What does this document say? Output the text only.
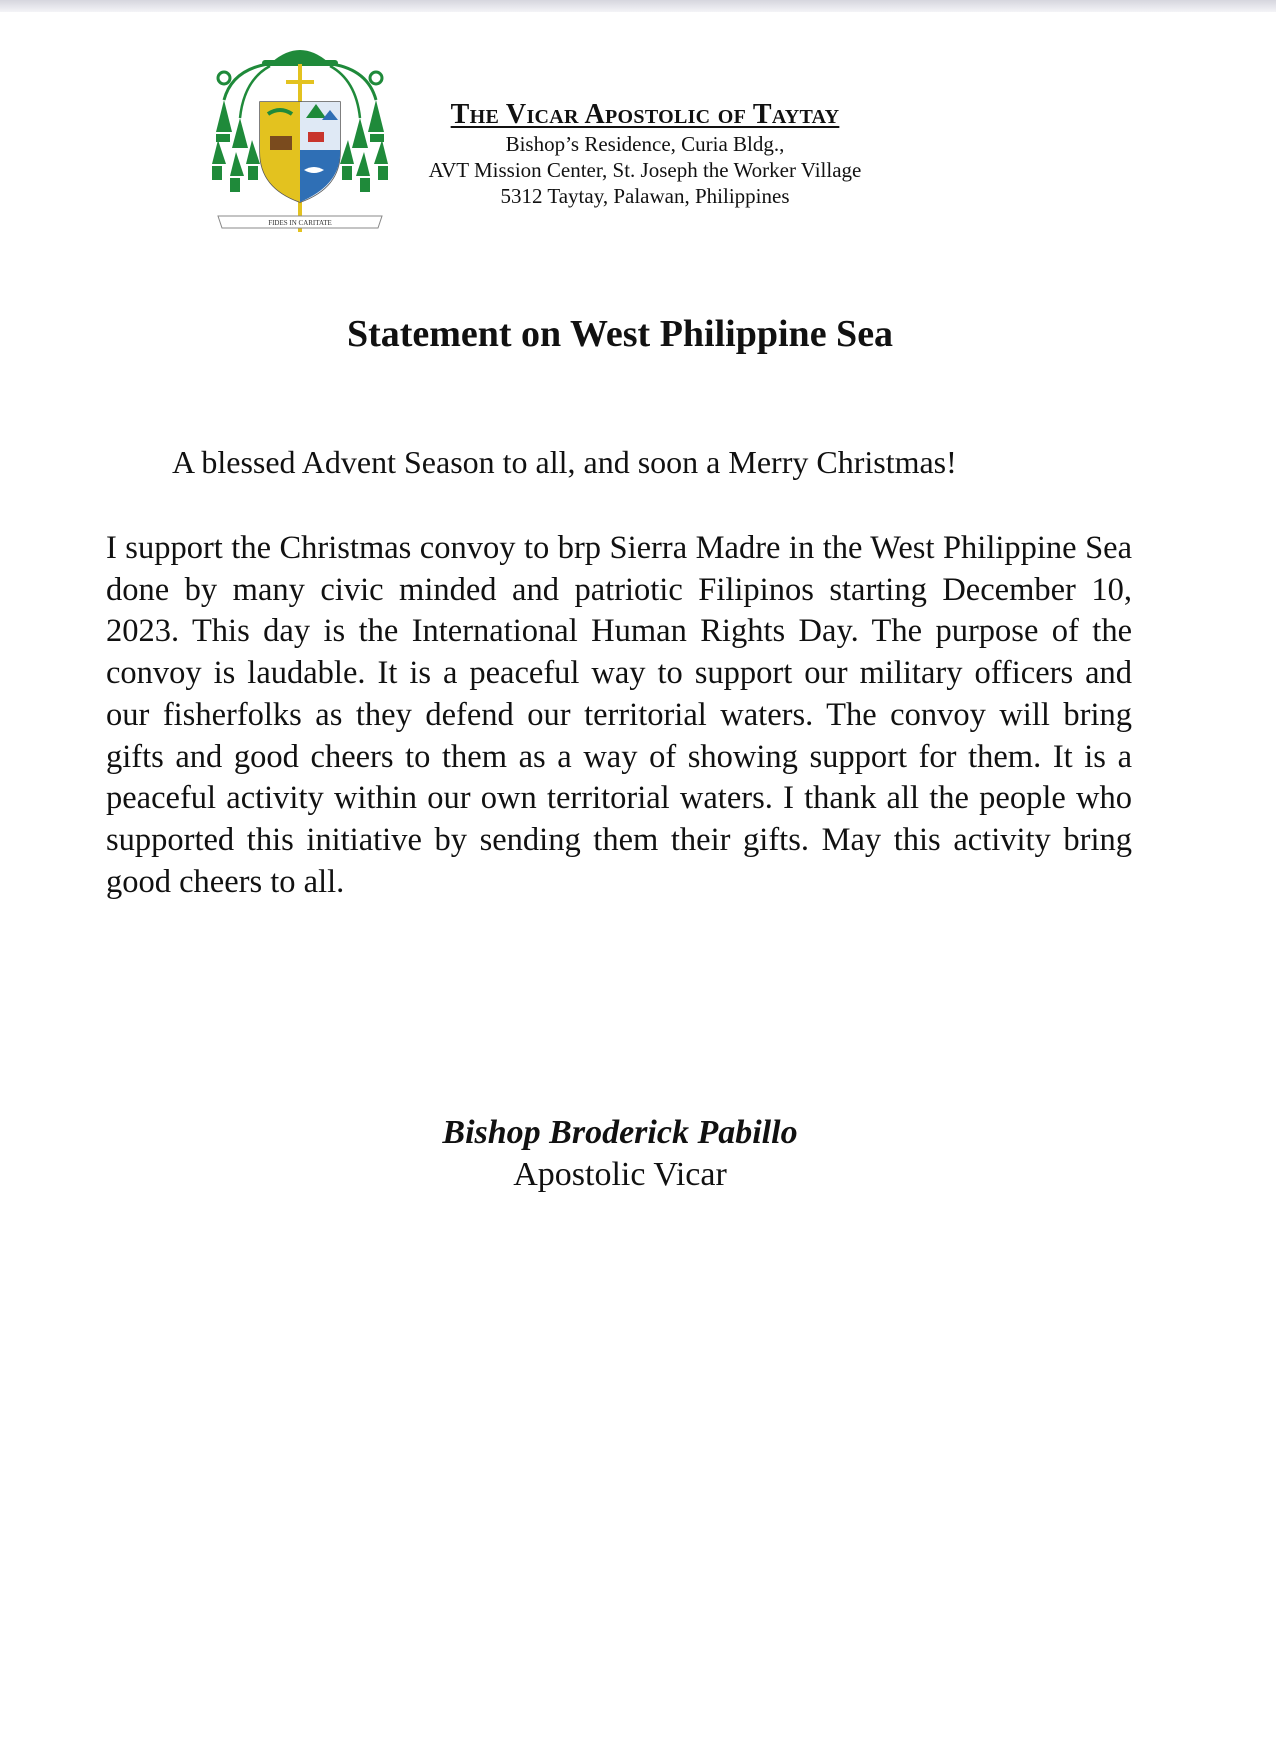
FIDES IN CARITATE
The Vicar Apostolic of Taytay
Bishop’s Residence, Curia Bldg.,
AVT Mission Center, St. Joseph the Worker Village
5312 Taytay, Palawan, Philippines
Statement on West Philippine Sea
A blessed Advent Season to all, and soon a Merry Christmas!

I support the Christmas convoy to brp Sierra Madre in the West Philippine Sea done by many civic minded and patriotic Filipinos starting December 10, 2023. This day is the International Human Rights Day. The purpose of the convoy is laudable. It is a peaceful way to support our military officers and our fisherfolks as they defend our territorial waters. The convoy will bring gifts and good cheers to them as a way of showing support for them. It is a peaceful activity within our own territorial waters. I thank all the people who supported this initiative by sending them their gifts. May this activity bring good cheers to all.

Bishop Broderick Pabillo
Apostolic Vicar
